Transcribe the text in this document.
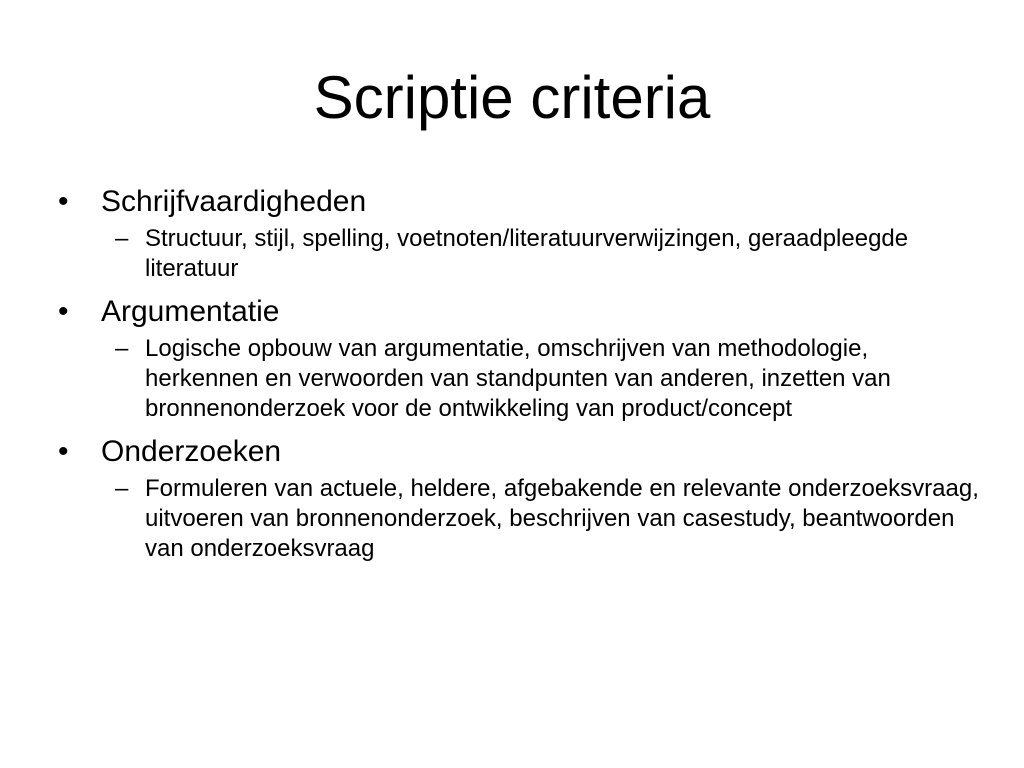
Scriptie criteria
• Schrijfvaardigheden
– Structuur, stijl, spelling, voetnoten/literatuurverwijzingen, geraadpleegde literatuur
• Argumentatie
– Logische opbouw van argumentatie, omschrijven van methodologie, herkennen en verwoorden van standpunten van anderen, inzetten van bronnenonderzoek voor de ontwikkeling van product/concept
• Onderzoeken
– Formuleren van actuele, heldere, afgebakende en relevante onderzoeksvraag, uitvoeren van bronnenonderzoek, beschrijven van casestudy, beantwoorden van onderzoeksvraag
